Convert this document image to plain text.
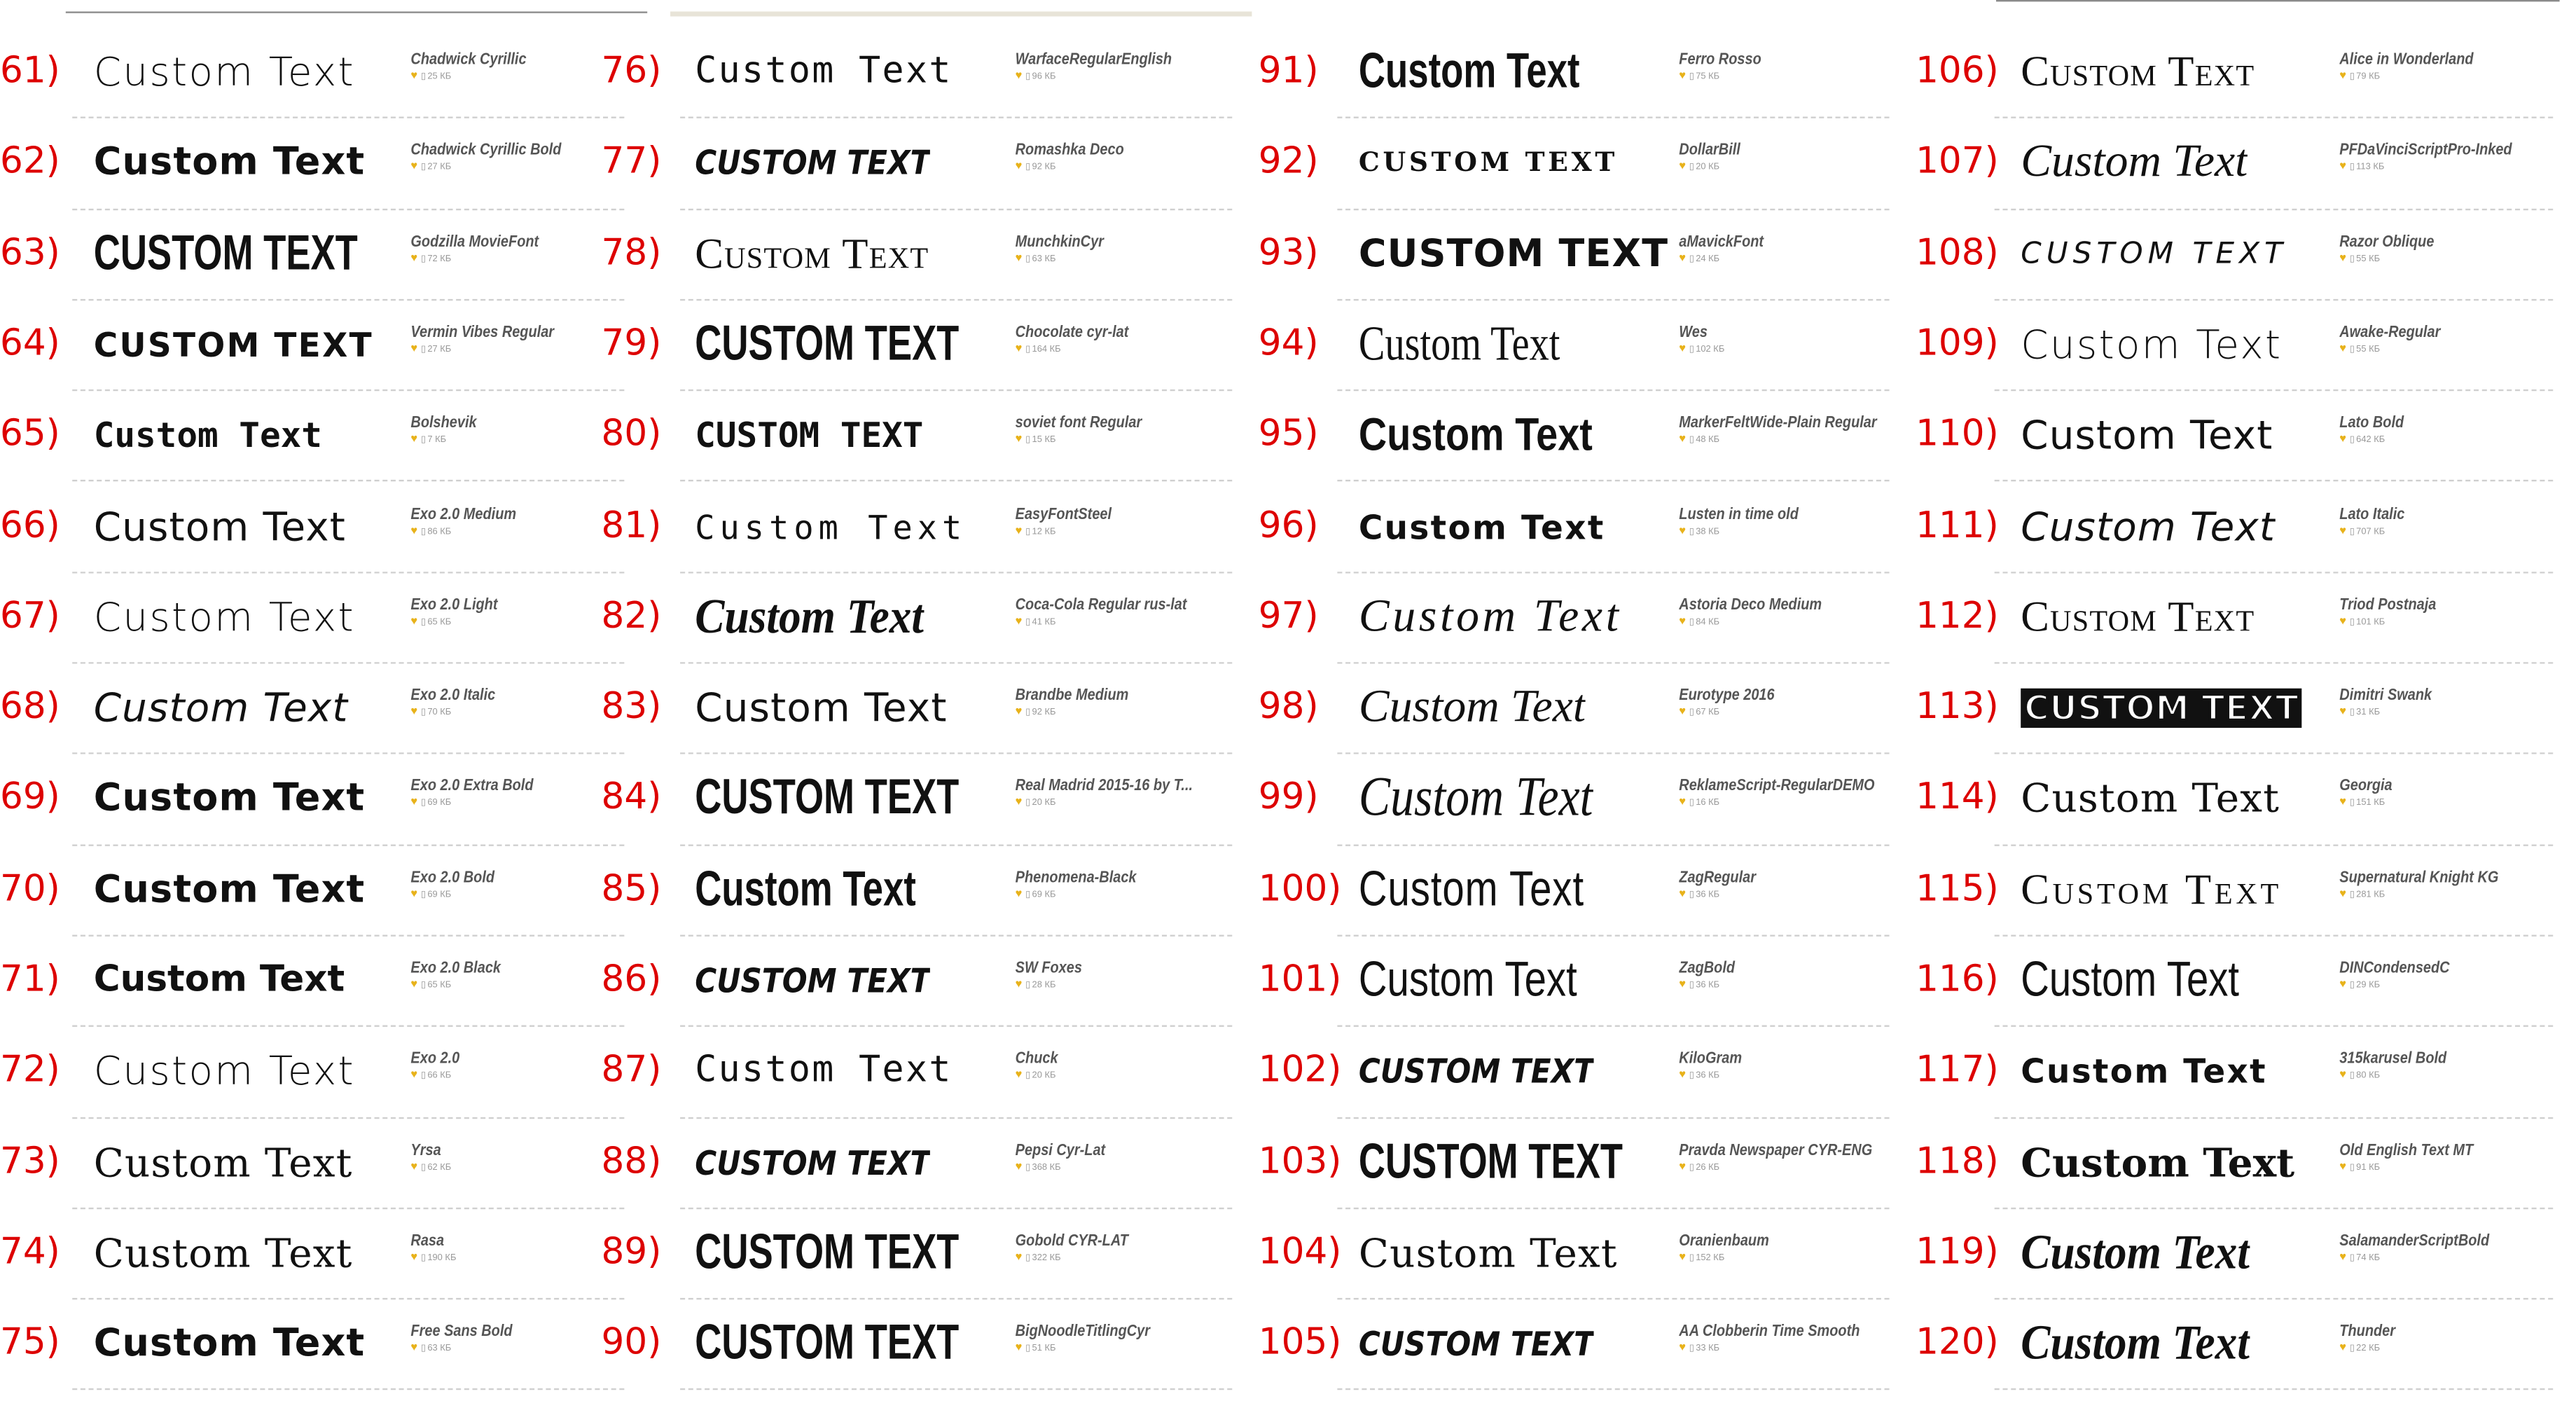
61) Custom Text	Chadwick Cyrillic
♥ ▯ 25 КБ
62) Custom Text	Chadwick Cyrillic Bold
♥ ▯ 27 КБ
63) CUSTOM TEXT	Godzilla MovieFont
♥ ▯ 72 КБ
64) CUSTOM TEXT	Vermin Vibes Regular
♥ ▯ 27 КБ
65) Custom Text	Bolshevik
♥ ▯ 7 КБ
66) Custom Text	Exo 2.0 Medium
♥ ▯ 86 КБ
67) Custom Text	Exo 2.0 Light
♥ ▯ 65 КБ
68) Custom Text	Exo 2.0 Italic
♥ ▯ 70 КБ
69) Custom Text	Exo 2.0 Extra Bold
♥ ▯ 69 КБ
70) Custom Text	Exo 2.0 Bold
♥ ▯ 69 КБ
71) Custom Text	Exo 2.0 Black
♥ ▯ 65 КБ
72) Custom Text	Exo 2.0
♥ ▯ 66 КБ
73) Custom Text	Yrsa
♥ ▯ 62 КБ
74) Custom Text	Rasa
♥ ▯ 190 КБ
75) Custom Text	Free Sans Bold
♥ ▯ 63 КБ
76) Custom Text	WarfaceRegularEnglish
♥ ▯ 96 КБ
77) CUSTOM TEXT	Romashka Deco
♥ ▯ 92 КБ
78) Custom Text	MunchkinCyr
♥ ▯ 63 КБ
79) CUSTOM TEXT	Chocolate cyr-lat
♥ ▯ 164 КБ
80) CUSTOM TEXT	soviet font Regular
♥ ▯ 15 КБ
81) Custom Text	EasyFontSteel
♥ ▯ 12 КБ
82) Custom Text	Coca-Cola Regular rus-lat
♥ ▯ 41 КБ
83) Custom Text	Brandbe Medium
♥ ▯ 92 КБ
84) CUSTOM TEXT	Real Madrid 2015-16 by T...
♥ ▯ 20 КБ
85) Custom Text	Phenomena-Black
♥ ▯ 69 КБ
86) CUSTOM TEXT	SW Foxes
♥ ▯ 28 КБ
87) Custom Text	Chuck
♥ ▯ 20 КБ
88) CUSTOM TEXT	Pepsi Cyr-Lat
♥ ▯ 368 КБ
89) CUSTOM TEXT	Gobold CYR-LAT
♥ ▯ 322 КБ
90) CUSTOM TEXT	BigNoodleTitlingCyr
♥ ▯ 51 КБ
91) Custom Text	Ferro Rosso
♥ ▯ 75 КБ
92)	CUSTOM TEXT	DollarBill
♥ ▯ 20 КБ
93) CUSTOM TEXT aMavickFont
♥ ▯ 24 КБ
94) Custom Text	Wes
♥ ▯ 102 КБ
95) Custom Text	MarkerFeltWide-Plain Regular
♥ ▯ 48 КБ
96)	Custom Text	Lusten in time old
♥ ▯ 38 КБ
97) Custom Text	Astoria Deco Medium
♥ ▯ 84 КБ
98) Custom Text	Eurotype 2016
♥ ▯ 67 КБ
99) Custom Text	ReklameScript-RegularDEMO
♥ ▯ 16 КБ
100) Custom Text	ZagRegular
♥ ▯ 36 КБ
101) Custom Text	ZagBold
♥ ▯ 36 КБ
102) CUSTOM TEXT	KiloGram
♥ ▯ 36 КБ
103) CUSTOM TEXT	Pravda Newspaper CYR-ENG
♥ ▯ 26 КБ
104) Custom Text	Oranienbaum
♥ ▯ 152 КБ
105) CUSTOM TEXT	AA Clobberin Time Smooth
♥ ▯ 33 КБ
106) Custom Text	Alice in Wonderland
♥ ▯ 79 КБ
107) Custom Text	PFDaVinciScriptPro-Inked
♥ ▯ 113 КБ
108) CUSTOM TEXT	Razor Oblique
♥ ▯ 55 КБ
109) Custom Text	Awake-Regular
♥ ▯ 55 КБ
110) Custom Text	Lato Bold
♥ ▯ 642 КБ
111) Custom Text	Lato Italic
♥ ▯ 707 КБ
112) Custom Text	Triod Postnaja
♥ ▯ 101 КБ
113) CUSTOM TEXT	Dimitri Swank
♥ ▯ 31 КБ
114) Custom Text	Georgia
♥ ▯ 151 КБ
115) Custom Text	Supernatural Knight KG
♥ ▯ 281 КБ
116) Custom Text	DINCondensedC
♥ ▯ 29 КБ
117) Custom Text	315karusel Bold
♥ ▯ 80 КБ
118) Custom Text	Old English Text MT
♥ ▯ 91 КБ
119) Custom Text	SalamanderScriptBold
♥ ▯ 74 КБ
120) Custom Text	Thunder
♥ ▯ 22 КБ
